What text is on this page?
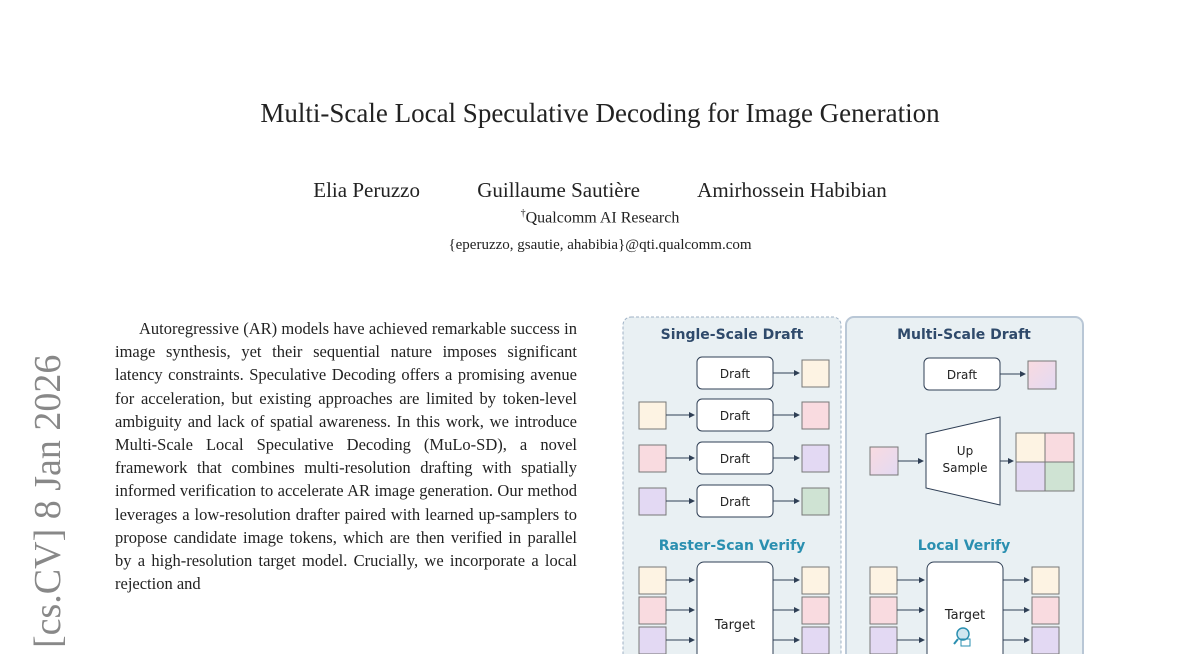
Multi-Scale Local Speculative Decoding for Image Generation
Elia Peruzzo	Guillaume Sautière	Amirhossein Habibian
†Qualcomm AI Research
{eperuzzo, gsautie, ahabibia}@qti.qualcomm.com
[cs.CV] 8 Jan 2026

Autoregressive (AR) models have achieved remarkable success in image synthesis, yet their sequential nature imposes significant latency constraints. Speculative Decoding offers a promising avenue for acceleration, but existing approaches are limited by token-level ambiguity and lack of spatial awareness. In this work, we introduce Multi-Scale Local Speculative Decoding (MuLo-SD), a novel framework that combines multi-resolution drafting with spatially informed verification to accelerate AR image generation. Our method leverages a low-resolution drafter paired with learned up-samplers to propose candidate image tokens, which are then verified in parallel by a high-resolution target model. Crucially, we incorporate a local rejection and

Single-Scale Draft	Multi-Scale Draft
Draft
Draft
Draft
Draft
Draft
Up
Sample
Raster-Scan Verify	Local Verify
Target
Target
